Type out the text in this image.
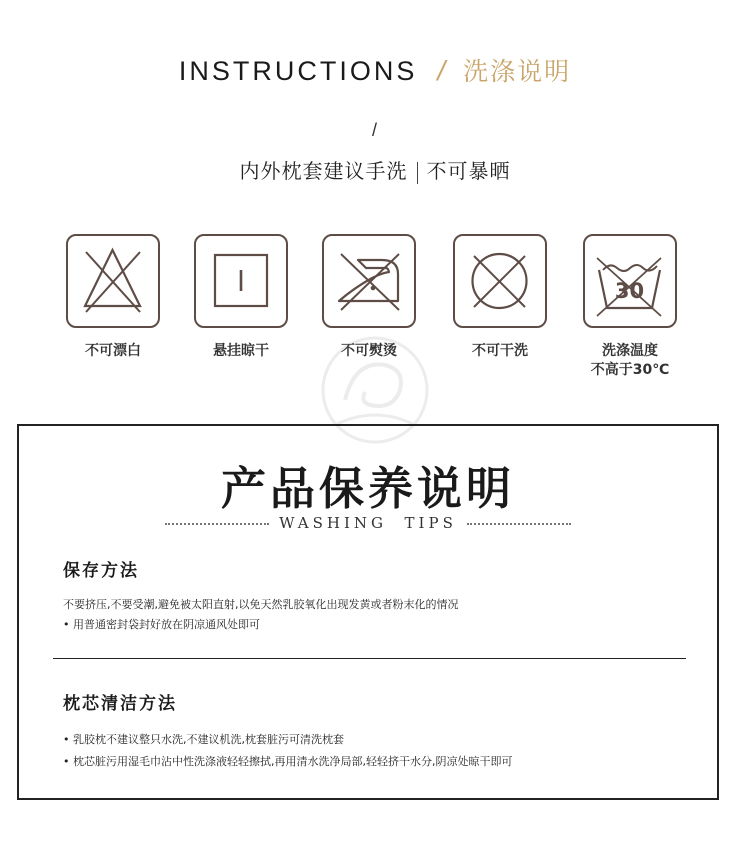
INSTRUCTIONS / 洗涤说明
/
内外枕套建议手洗 不可暴晒
不可漂白	悬挂晾干	不可熨烫	不可干洗
30
洗涤温度
不高于30℃
产品保养说明
WASHING  TIPS
保存方法
不要挤压,不要受潮,避免被太阳直射,以免天然乳胶氧化出现发黄或者粉末化的情况
• 用普通密封袋封好放在阴凉通风处即可
枕芯清洁方法
• 乳胶枕不建议整只水洗,不建议机洗,枕套脏污可清洗枕套
• 枕芯脏污用湿毛巾沾中性洗涤液轻轻擦拭,再用清水洗净局部,轻轻挤干水分,阴凉处晾干即可
